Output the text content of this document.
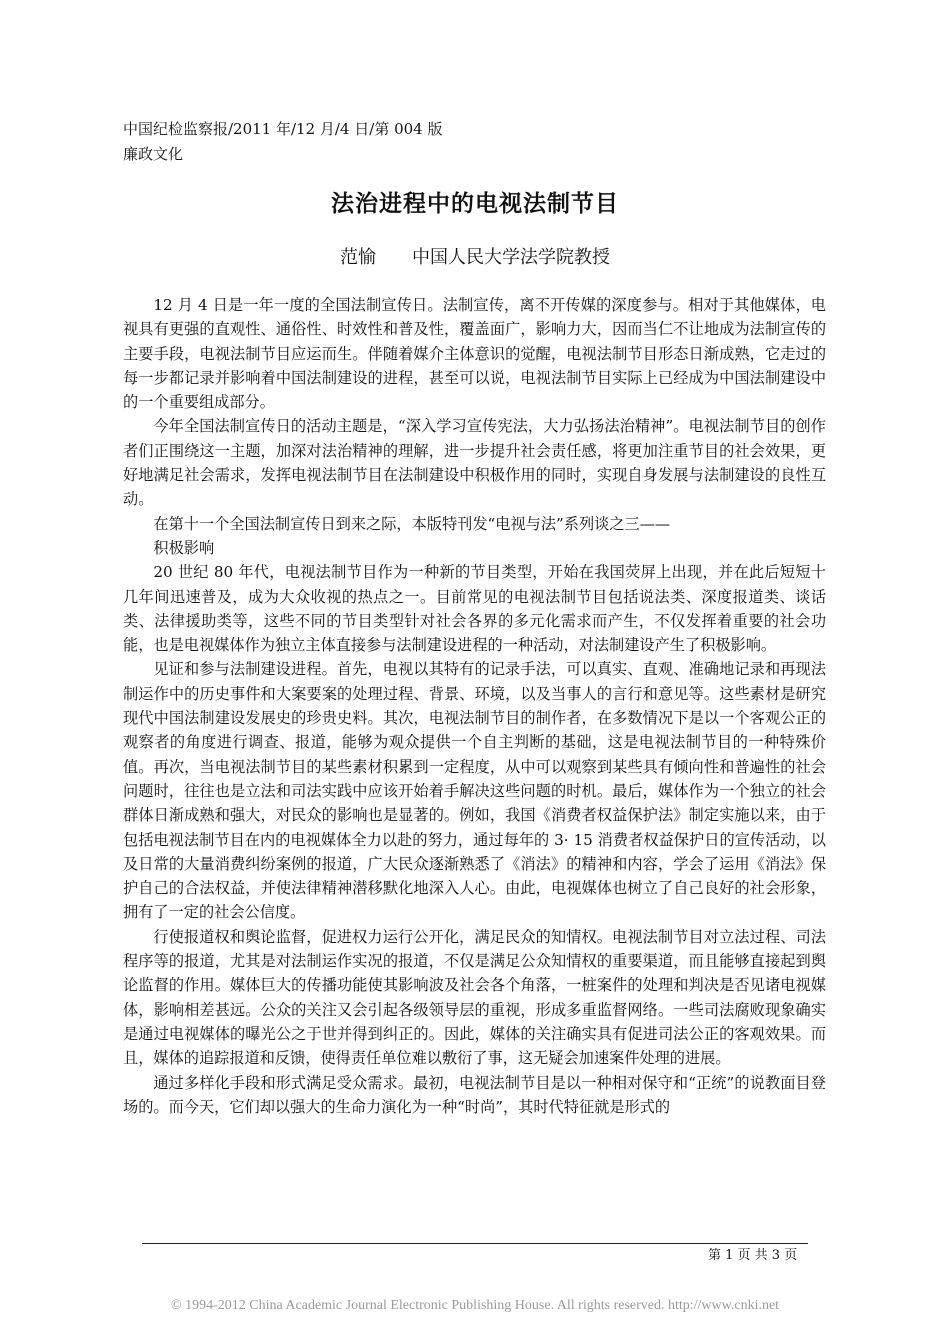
中国纪检监察报/2011 年/12 月/4 日/第 004 版
廉政文化
法治进程中的电视法制节目
范愉 中国人民大学法学院教授

12 月 4 日是一年一度的全国法制宣传日。法制宣传，离不开传媒的深度参与。相对于其他媒体，电视具有更强的直观性、通俗性、时效性和普及性，覆盖面广，影响力大，因而当仁不让地成为法制宣传的主要手段，电视法制节目应运而生。伴随着媒介主体意识的觉醒，电视法制节目形态日渐成熟，它走过的每一步都记录并影响着中国法制建设的进程，甚至可以说，电视法制节目实际上已经成为中国法制建设中的一个重要组成部分。

今年全国法制宣传日的活动主题是，“深入学习宣传宪法，大力弘扬法治精神”。电视法制节目的创作者们正围绕这一主题，加深对法治精神的理解，进一步提升社会责任感，将更加注重节目的社会效果，更好地满足社会需求，发挥电视法制节目在法制建设中积极作用的同时，实现自身发展与法制建设的良性互动。

在第十一个全国法制宣传日到来之际，本版特刊发“电视与法”系列谈之三——

积极影响

20 世纪 80 年代，电视法制节目作为一种新的节目类型，开始在我国荧屏上出现，并在此后短短十几年间迅速普及，成为大众收视的热点之一。目前常见的电视法制节目包括说法类、深度报道类、谈话类、法律援助类等，这些不同的节目类型针对社会各界的多元化需求而产生，不仅发挥着重要的社会功能，也是电视媒体作为独立主体直接参与法制建设进程的一种活动，对法制建设产生了积极影响。

见证和参与法制建设进程。首先，电视以其特有的记录手法，可以真实、直观、准确地记录和再现法制运作中的历史事件和大案要案的处理过程、背景、环境，以及当事人的言行和意见等。这些素材是研究现代中国法制建设发展史的珍贵史料。其次，电视法制节目的制作者，在多数情况下是以一个客观公正的观察者的角度进行调查、报道，能够为观众提供一个自主判断的基础，这是电视法制节目的一种特殊价值。再次，当电视法制节目的某些素材积累到一定程度，从中可以观察到某些具有倾向性和普遍性的社会问题时，往往也是立法和司法实践中应该开始着手解决这些问题的时机。最后，媒体作为一个独立的社会群体日渐成熟和强大，对民众的影响也是显著的。例如，我国《消费者权益保护法》制定实施以来，由于包括电视法制节目在内的电视媒体全力以赴的努力，通过每年的 3· 15 消费者权益保护日的宣传活动，以及日常的大量消费纠纷案例的报道，广大民众逐渐熟悉了《消法》的精神和内容，学会了运用《消法》保护自己的合法权益，并使法律精神潜移默化地深入人心。由此，电视媒体也树立了自己良好的社会形象，拥有了一定的社会公信度。

行使报道权和舆论监督，促进权力运行公开化，满足民众的知情权。电视法制节目对立法过程、司法程序等的报道，尤其是对法制运作实况的报道，不仅是满足公众知情权的重要渠道，而且能够直接起到舆论监督的作用。媒体巨大的传播功能使其影响波及社会各个角落，一桩案件的处理和判决是否见诸电视媒体，影响相差甚远。公众的关注又会引起各级领导层的重视，形成多重监督网络。一些司法腐败现象确实是通过电视媒体的曝光公之于世并得到纠正的。因此，媒体的关注确实具有促进司法公正的客观效果。而且，媒体的追踪报道和反馈，使得责任单位难以敷衍了事，这无疑会加速案件处理的进展。

通过多样化手段和形式满足受众需求。最初，电视法制节目是以一种相对保守和“正统”的说教面目登场的。而今天，它们却以强大的生命力演化为一种“时尚”，其时代特征就是形式的

第 1 页 共 3 页
© 1994-2012 China Academic Journal Electronic Publishing House. All rights reserved. http://www.cnki.net
